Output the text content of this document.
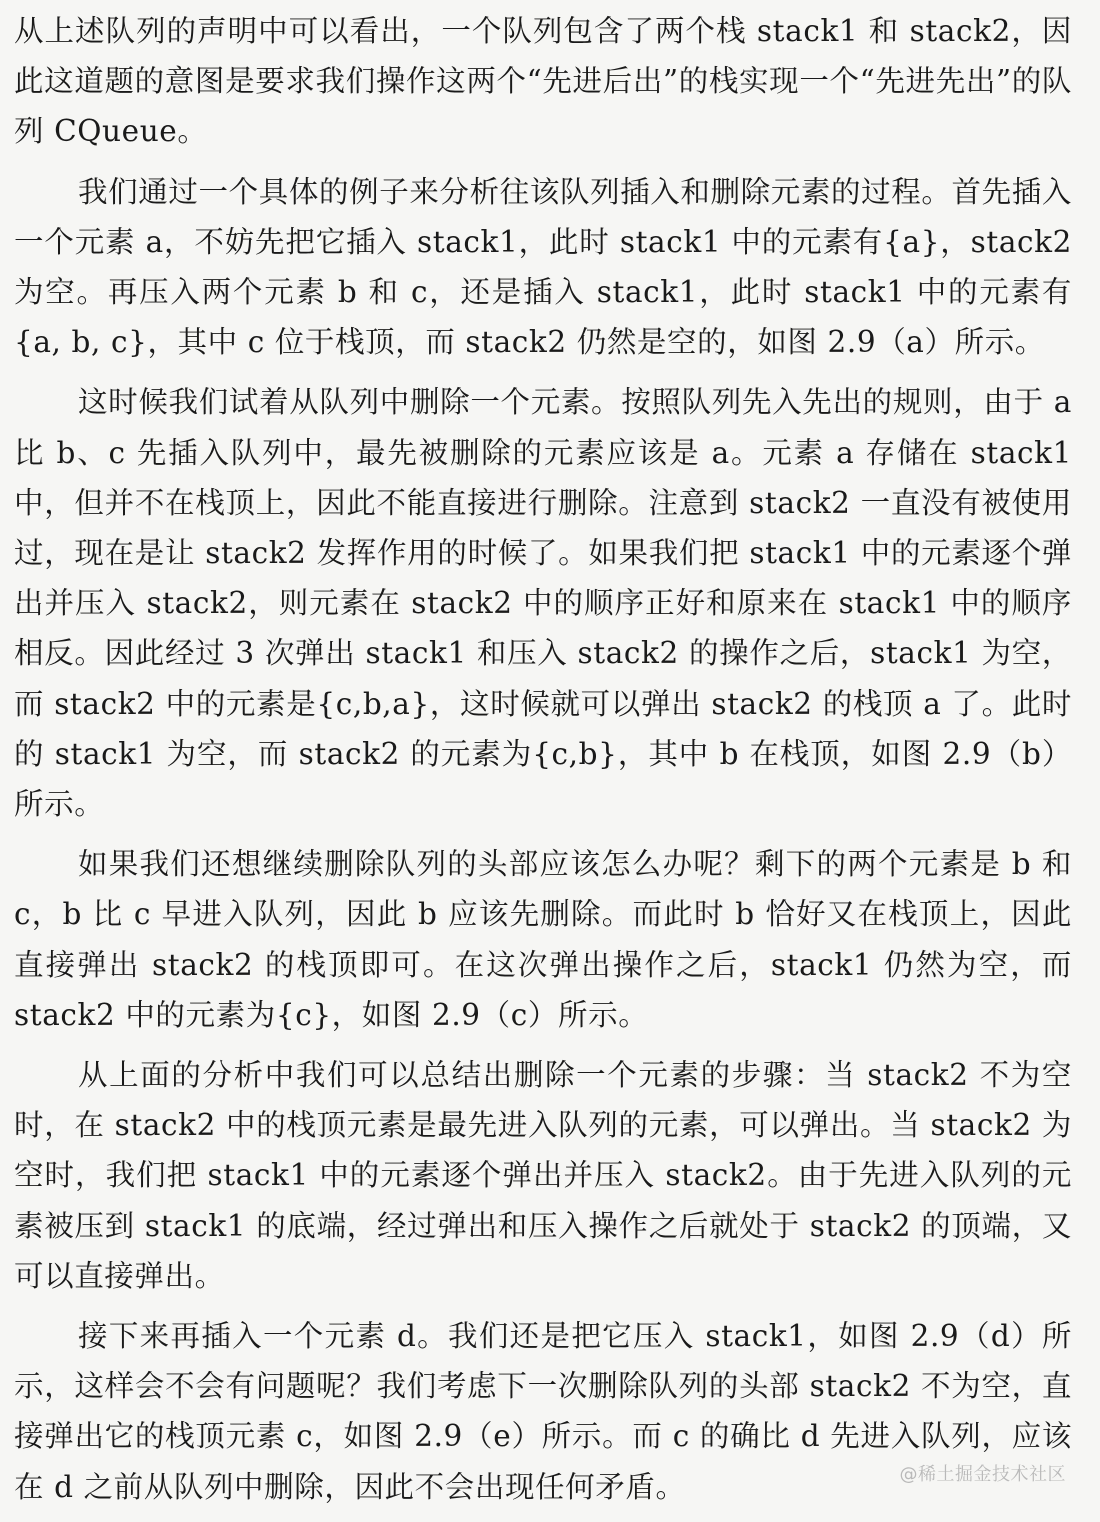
从上述队列的声明中可以看出，一个队列包含了两个栈 stack1 和 stack2，因此这道题的意图是要求我们操作这两个“先进后出”的栈实现一个“先进先出”的队列 CQueue。

我们通过一个具体的例子来分析往该队列插入和删除元素的过程。首先插入一个元素 a，不妨先把它插入 stack1，此时 stack1 中的元素有{a}，stack2 为空。再压入两个元素 b 和 c，还是插入 stack1，此时 stack1 中的元素有{a, b, c}，其中 c 位于栈顶，而 stack2 仍然是空的，如图 2.9（a）所示。

这时候我们试着从队列中删除一个元素。按照队列先入先出的规则，由于 a 比 b、c 先插入队列中，最先被删除的元素应该是 a。元素 a 存储在 stack1 中，但并不在栈顶上，因此不能直接进行删除。注意到 stack2 一直没有被使用过，现在是让 stack2 发挥作用的时候了。如果我们把 stack1 中的元素逐个弹出并压入 stack2，则元素在 stack2 中的顺序正好和原来在 stack1 中的顺序相反。因此经过 3 次弹出 stack1 和压入 stack2 的操作之后，stack1 为空，而 stack2 中的元素是{c,b,a}，这时候就可以弹出 stack2 的栈顶 a 了。此时的 stack1 为空，而 stack2 的元素为{c,b}，其中 b 在栈顶，如图 2.9（b）所示。

如果我们还想继续删除队列的头部应该怎么办呢？剩下的两个元素是 b 和 c，b 比 c 早进入队列，因此 b 应该先删除。而此时 b 恰好又在栈顶上，因此直接弹出 stack2 的栈顶即可。在这次弹出操作之后，stack1 仍然为空，而 stack2 中的元素为{c}，如图 2.9（c）所示。

从上面的分析中我们可以总结出删除一个元素的步骤：当 stack2 不为空时，在 stack2 中的栈顶元素是最先进入队列的元素，可以弹出。当 stack2 为空时，我们把 stack1 中的元素逐个弹出并压入 stack2。由于先进入队列的元素被压到 stack1 的底端，经过弹出和压入操作之后就处于 stack2 的顶端，又可以直接弹出。

接下来再插入一个元素 d。我们还是把它压入 stack1，如图 2.9（d）所示，这样会不会有问题呢？我们考虑下一次删除队列的头部 stack2 不为空，直接弹出它的栈顶元素 c，如图 2.9（e）所示。而 c 的确比 d 先进入队列，应该在 d 之前从队列中删除，因此不会出现任何矛盾。	@稀土掘金技术社区
